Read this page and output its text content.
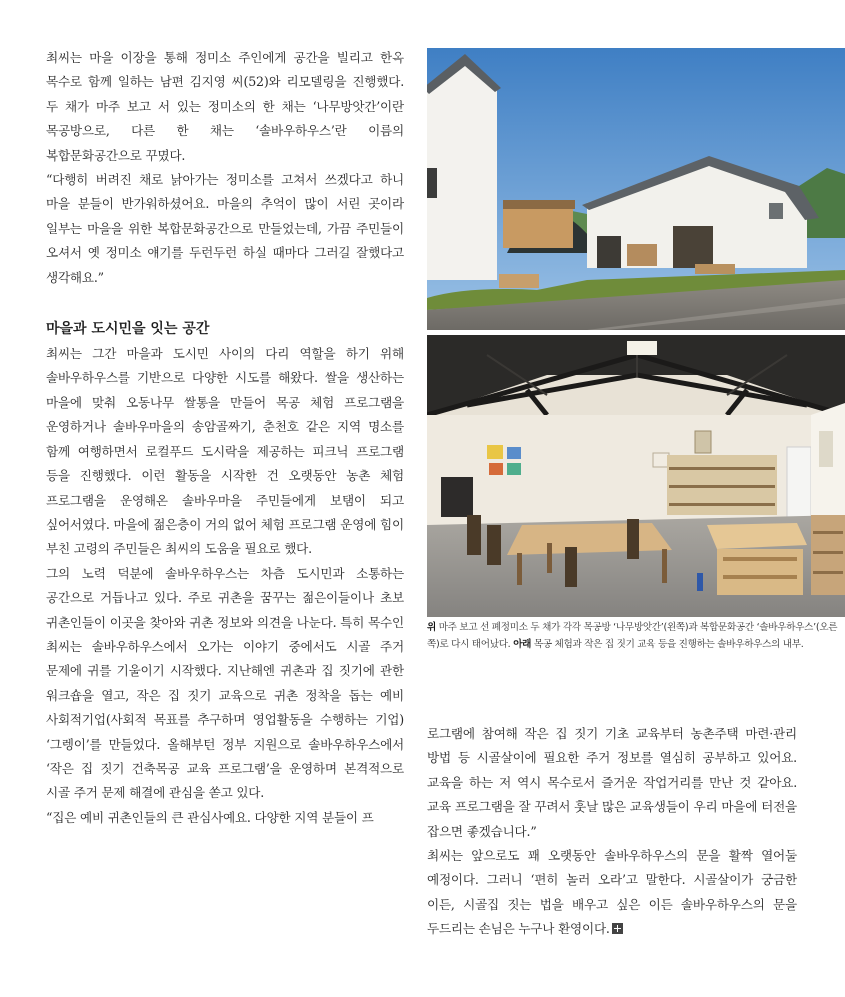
최씨는 마을 이장을 통해 정미소 주인에게 공간을 빌리고 한옥 목수로 함께 일하는 남편 김지영 씨(52)와 리모델링을 진행했다. 두 채가 마주 보고 서 있는 정미소의 한 채는 ‘나무방앗간’이란 목공방으로, 다른 한 채는 ‘솔바우하우스’란 이름의 복합문화공간으로 꾸몄다.

“다행히 버려진 채로 낡아가는 정미소를 고쳐서 쓰겠다고 하니 마을 분들이 반가워하셨어요. 마을의 추억이 많이 서린 곳이라 일부는 마을을 위한 복합문화공간으로 만들었는데, 가끔 주민들이 오셔서 옛 정미소 얘기를 두런두런 하실 때마다 그러길 잘했다고 생각해요.”

마을과 도시민을 잇는 공간

최씨는 그간 마을과 도시민 사이의 다리 역할을 하기 위해 솔바우하우스를 기반으로 다양한 시도를 해왔다. 쌀을 생산하는 마을에 맞춰 오동나무 쌀통을 만들어 목공 체험 프로그램을 운영하거나 솔바우마을의 송암골짜기, 춘천호 같은 지역 명소를 함께 여행하면서 로컬푸드 도시락을 제공하는 피크닉 프로그램 등을 진행했다. 이런 활동을 시작한 건 오랫동안 농촌 체험 프로그램을 운영해온 솔바우마을 주민들에게 보탬이 되고 싶어서였다. 마을에 젊은층이 거의 없어 체험 프로그램 운영에 힘이 부친 고령의 주민들은 최씨의 도움을 필요로 했다.

그의 노력 덕분에 솔바우하우스는 차츰 도시민과 소통하는 공간으로 거듭나고 있다. 주로 귀촌을 꿈꾸는 젊은이들이나 초보 귀촌인들이 이곳을 찾아와 귀촌 정보와 의견을 나눈다. 특히 목수인 최씨는 솔바우하우스에서 오가는 이야기 중에서도 시골 주거 문제에 귀를 기울이기 시작했다. 지난해엔 귀촌과 집 짓기에 관한 워크숍을 열고, 작은 집 짓기 교육으로 귀촌 정착을 돕는 예비 사회적기업(사회적 목표를 추구하며 영업활동을 수행하는 기업) ‘그렝이’를 만들었다. 올해부턴 정부 지원으로 솔바우하우스에서 ‘작은 집 짓기 건축목공 교육 프로그램’을 운영하며 본격적으로 시골 주거 문제 해결에 관심을 쏟고 있다.

“집은 예비 귀촌인들의 큰 관심사예요. 다양한 지역 분들이 프

위 마주 보고 선 폐정미소 두 채가 각각 목공방 ‘나무방앗간’(왼쪽)과 복합문화공간 ‘솔바우하우스’(오른쪽)로 다시 태어났다. 아래 목공 체험과 작은 집 짓기 교육 등을 진행하는 솔바우하우스의 내부.

로그램에 참여해 작은 집 짓기 기초 교육부터 농촌주택 마련·관리 방법 등 시골살이에 필요한 주거 정보를 열심히 공부하고 있어요. 교육을 하는 저 역시 목수로서 즐거운 작업거리를 만난 것 같아요. 교육 프로그램을 잘 꾸려서 훗날 많은 교육생들이 우리 마을에 터전을 잡으면 좋겠습니다.”

최씨는 앞으로도 꽤 오랫동안 솔바우하우스의 문을 활짝 열어둘 예정이다. 그러니 ‘편히 놀러 오라’고 말한다. 시골살이가 궁금한 이든, 시골집 짓는 법을 배우고 싶은 이든 솔바우하우스의 문을 두드리는 손님은 누구나 환영이다.
